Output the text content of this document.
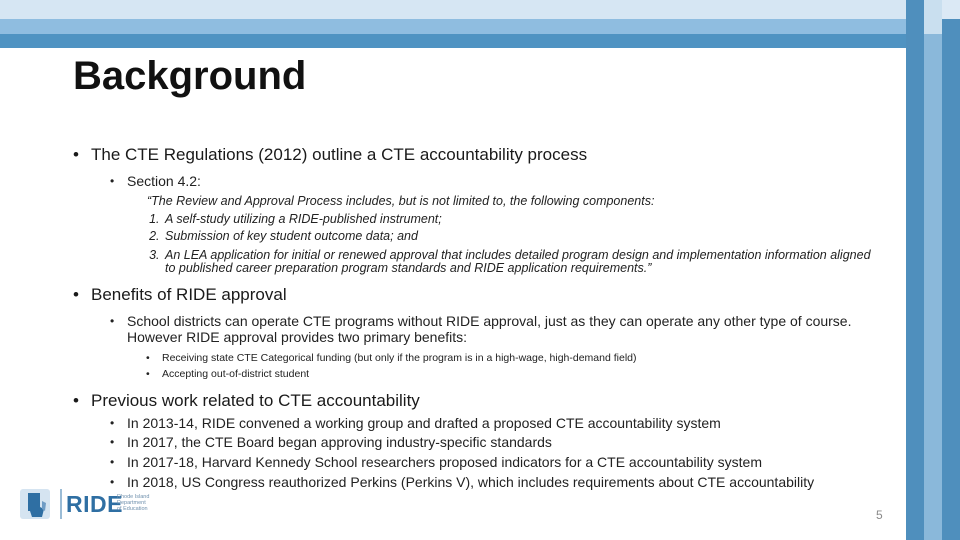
Background
• The CTE Regulations (2012) outline a CTE accountability process
• Section 4.2:
“The Review and Approval Process includes, but is not limited to, the following components:
1. A self-study utilizing a RIDE-published instrument;
2. Submission of key student outcome data; and
3. An LEA application for initial or renewed approval that includes detailed program design and implementation information aligned to published career preparation program standards and RIDE application requirements.”
• Benefits of RIDE approval
• School districts can operate CTE programs without RIDE approval, just as they can operate any other type of course. However RIDE approval provides two primary benefits:
• Receiving state CTE Categorical funding (but only if the program is in a high-wage, high-demand field)
• Accepting out-of-district student
• Previous work related to CTE accountability
• In 2013-14, RIDE convened a working group and drafted a proposed CTE accountability system
• In 2017, the CTE Board began approving industry-specific standards
• In 2017-18, Harvard Kennedy School researchers proposed indicators for a CTE accountability system
• In 2018, US Congress reauthorized Perkins (Perkins V), which includes requirements about CTE accountability
RIDE
Rhode Island
Department
of Education	5
